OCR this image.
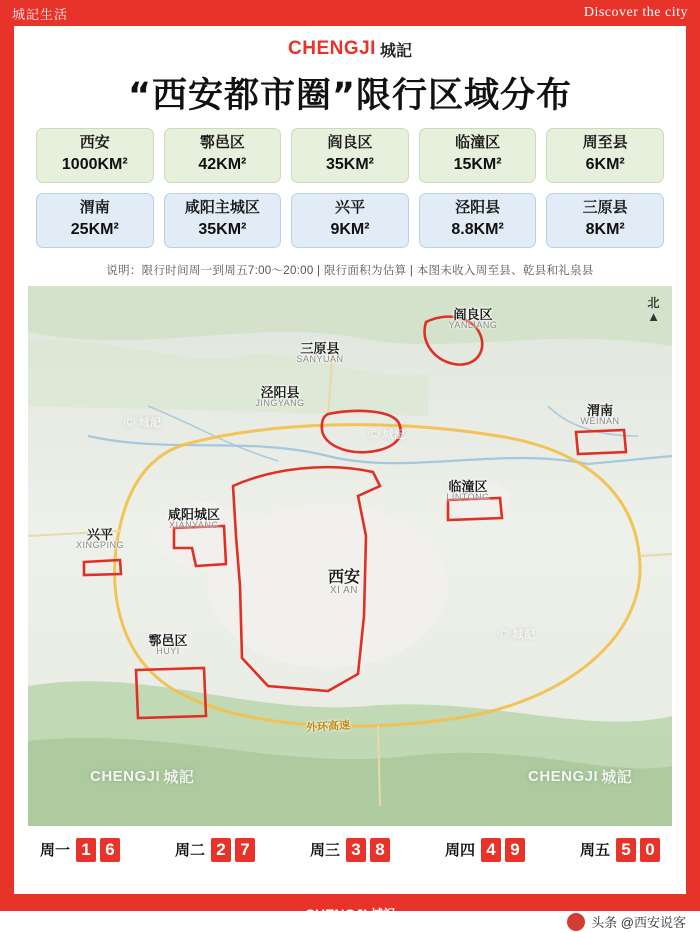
城記生活	Discover the city
CHENGJI 城記
“西安都市圈”限行区域分布
西安
1000KM²
鄠邑区
42KM²
阎良区
35KM²
临潼区
15KM²
周至县
6KM²
渭南
25KM²
咸阳主城区
35KM²
兴平
9KM²
泾阳县
8.8KM²
三原县
8KM²
说明：限行时间周一到周五7:00～20:00 | 限行面积为估算 | 本图未收入周至县、乾县和礼泉县
北
▲
阎良区
YANLIANG
三原县
SANYUAN
泾阳县
JINGYANG	渭南
WEINAN
临潼区
LINTONG
咸阳城区
XIANYANG
兴平
XINGPING
西安
XI AN
鄠邑区
HUYI
外环高速
© 城記
© 城記
© 城記
CHENGJI 城記	CHENGJI 城記
周一 1 6	周二 2 7	周三 3 8	周四 4 9	周五 5 0
头条 @西安说客
